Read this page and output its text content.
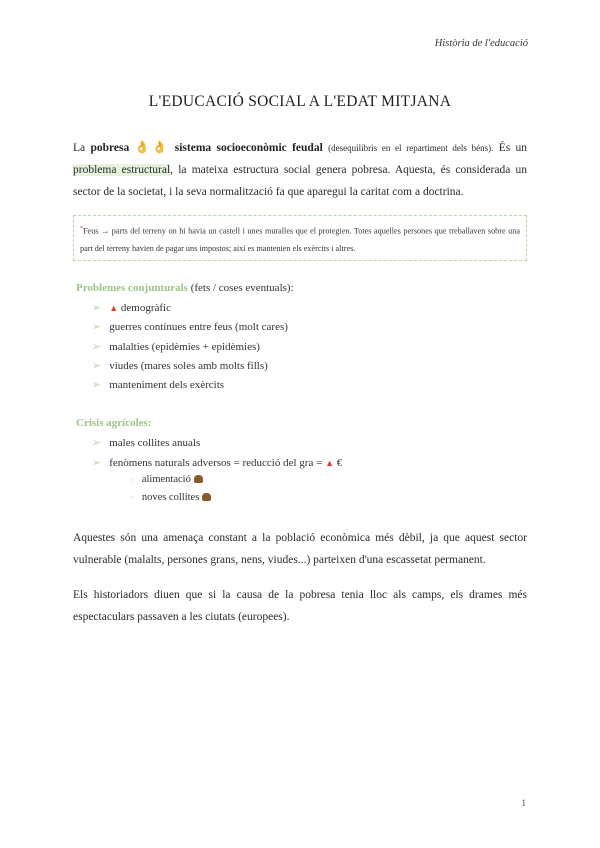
Història de l'educació
L'EDUCACIÓ SOCIAL A L'EDAT MITJANA
La pobresa 👌👌 sistema socioeconòmic feudal (desequilibris en el repartiment dels béns). És un problema estructural, la mateixa estructura social genera pobresa. Aquesta, és considerada un sector de la societat, i la seva normalització fa que aparegui la caritat com a doctrina.
*Feus → parts del terreny on hi havia un castell i unes muralles que el protegien. Totes aquelles persones que treballaven sobre una part del terreny havien de pagar uns impostos; així es mantenien els exèrcits i altres.
Problemes conjunturals (fets / coses eventuals):
➢ ▲ demogràfic
➢ guerres contínues entre feus (molt cares)
➢ malalties (epidèmies + epidèmies)
➢ viudes (mares soles amb molts fills)
➢ manteniment dels exèrcits
Crisis agrícoles:
➢ males collites anuals
➢ fenòmens naturals adversos = reducció del gra = ▲ €
▫ alimentació
▫ noves collites
Aquestes són una amenaça constant a la població econòmica més dèbil, ja que aquest sector vulnerable (malalts, persones grans, nens, viudes...) parteixen d'una escassetat permanent.
Els historiadors diuen que si la causa de la pobresa tenia lloc als camps, els drames més espectaculars passaven a les ciutats (europees).
1
